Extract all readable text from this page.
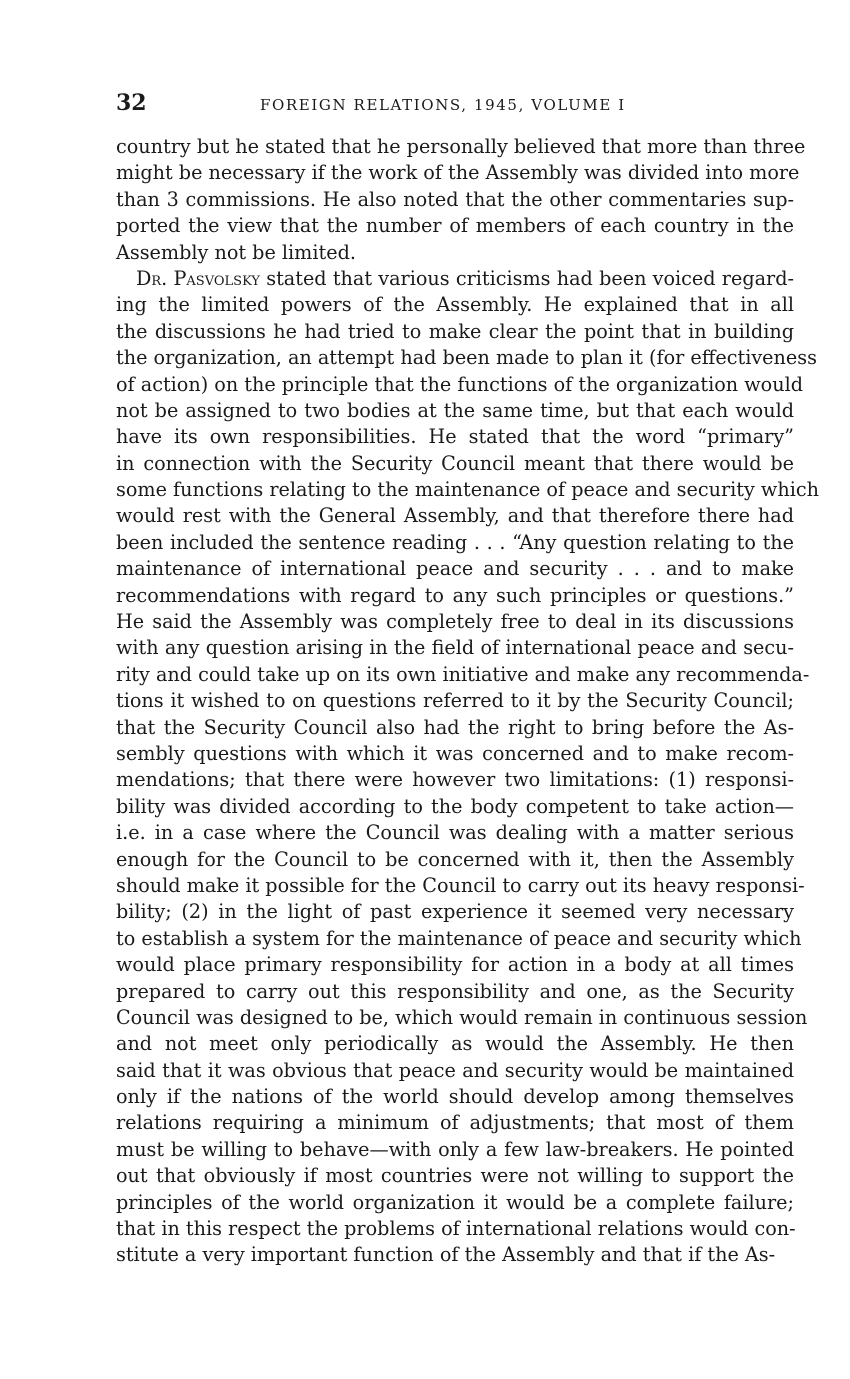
32	FOREIGN RELATIONS, 1945, VOLUME I
country but he stated that he personally believed that more than three
might be necessary if the work of the Assembly was divided into more
than 3 commissions. He also noted that the other commentaries sup-
ported the view that the number of members of each country in the
Assembly not be limited.
Dr. Pasvolsky stated that various criticisms had been voiced regard-
ing the limited powers of the Assembly. He explained that in all
the discussions he had tried to make clear the point that in building
the organization, an attempt had been made to plan it (for effectiveness
of action) on the principle that the functions of the organization would
not be assigned to two bodies at the same time, but that each would
have its own responsibilities. He stated that the word “primary”
in connection with the Security Council meant that there would be
some functions relating to the maintenance of peace and security which
would rest with the General Assembly, and that therefore there had
been included the sentence reading . . . “Any question relating to the
maintenance of international peace and security . . . and to make
recommendations with regard to any such principles or questions.”
He said the Assembly was completely free to deal in its discussions
with any question arising in the field of international peace and secu-
rity and could take up on its own initiative and make any recommenda-
tions it wished to on questions referred to it by the Security Council;
that the Security Council also had the right to bring before the As-
sembly questions with which it was concerned and to make recom-
mendations; that there were however two limitations: (1) responsi-
bility was divided according to the body competent to take action—
i.e. in a case where the Council was dealing with a matter serious
enough for the Council to be concerned with it, then the Assembly
should make it possible for the Council to carry out its heavy responsi-
bility; (2) in the light of past experience it seemed very necessary
to establish a system for the maintenance of peace and security which
would place primary responsibility for action in a body at all times
prepared to carry out this responsibility and one, as the Security
Council was designed to be, which would remain in continuous session
and not meet only periodically as would the Assembly. He then
said that it was obvious that peace and security would be maintained
only if the nations of the world should develop among themselves
relations requiring a minimum of adjustments; that most of them
must be willing to behave—with only a few law-breakers. He pointed
out that obviously if most countries were not willing to support the
principles of the world organization it would be a complete failure;
that in this respect the problems of international relations would con-
stitute a very important function of the Assembly and that if the As-
